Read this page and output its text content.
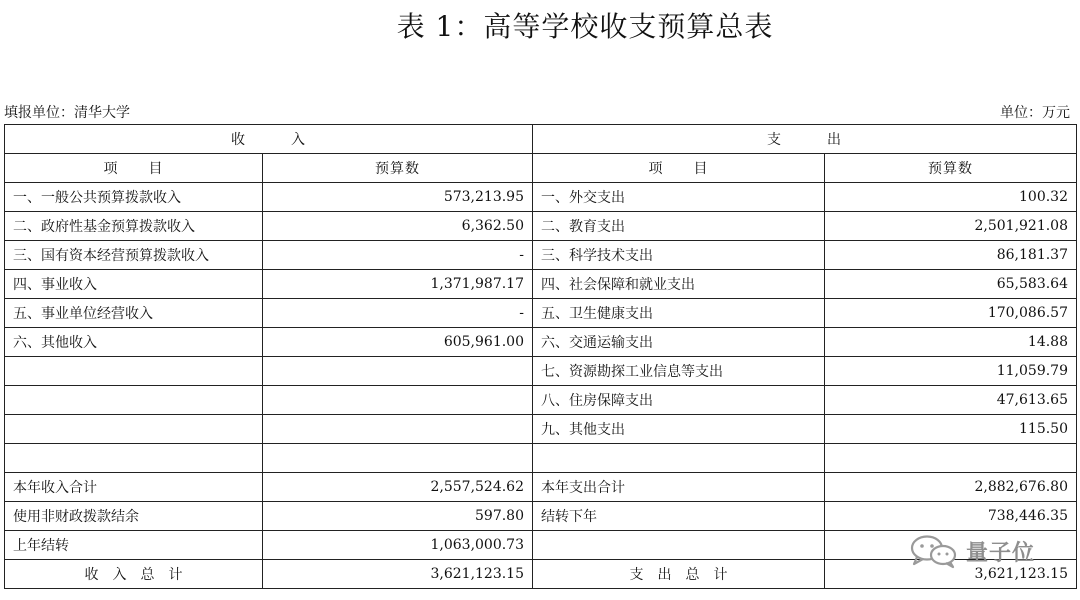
表 1：高等学校收支预算总表
填报单位：清华大学	单位：万元
收　　　入		支　　　出	
项　　目	预算数	项　　目	预算数
一、一般公共预算拨款收入	573,213.95	一、外交支出	100.32
二、政府性基金预算拨款收入	6,362.50	二、教育支出	2,501,921.08
三、国有资本经营预算拨款收入	-	三、科学技术支出	86,181.37
四、事业收入	1,371,987.17	四、社会保障和就业支出	65,583.64
五、事业单位经营收入	-	五、卫生健康支出	170,086.57
六、其他收入	605,961.00	六、交通运输支出	14.88
		七、资源勘探工业信息等支出	11,059.79
		八、住房保障支出	47,613.65
		九、其他支出	115.50

本年收入合计	2,557,524.62	本年支出合计	2,882,676.80
使用非财政拨款结余	597.80	结转下年	738,446.35
上年结转	1,063,000.73		
收　入　总　计	3,621,123.15	支　出　总　计	3,621,123.15
量子位
